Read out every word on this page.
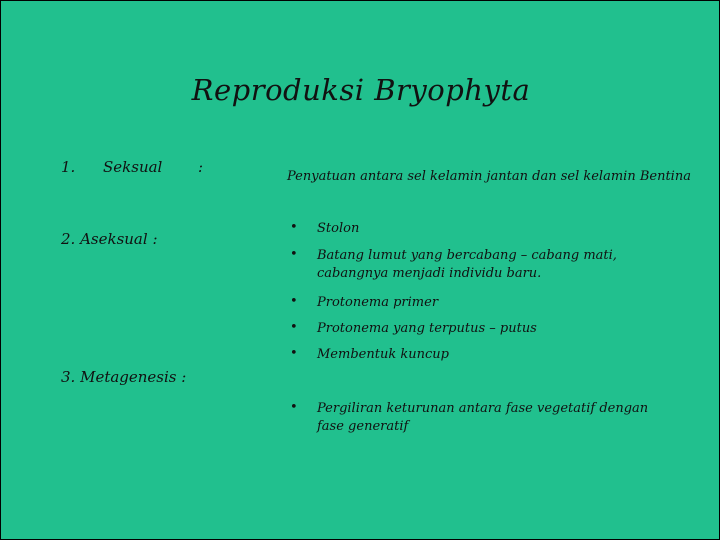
Reproduksi Bryophyta
1. Seksual :
2. Aseksual :
3. Metagenesis :
Penyatuan antara sel kelamin jantan dan sel kelamin Bentina
• Stolon
• Batang lumut yang bercabang – cabang mati, cabangnya menjadi individu baru.
• Protonema primer
• Protonema yang terputus – putus
• Membentuk kuncup
• Pergiliran keturunan antara fase vegetatif dengan fase generatif
